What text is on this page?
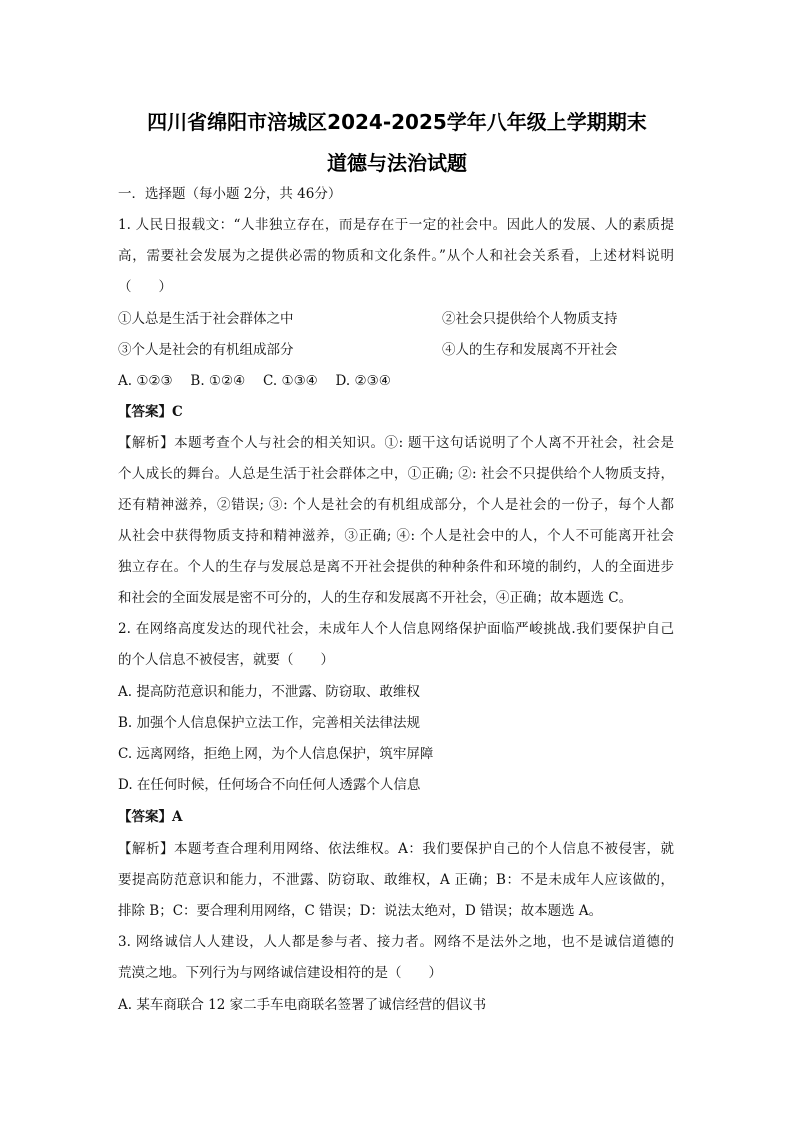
四川省绵阳市涪城区2024-2025学年八年级上学期期末
道德与法治试题
一．选择题（每小题 2分，共 46分）
1. 人民日报载文：“人非独立存在，而是存在于一定的社会中。因此人的发展、人的素质提
高，需要社会发展为之提供必需的物质和文化条件。”从个人和社会关系看，上述材料说明
（　　）
①人总是生活于社会群体之中	②社会只提供给个人物质支持
③个人是社会的有机组成部分	④人的生存和发展离不开社会
A. ①②③　 B. ①②④　 C. ①③④　 D. ②③④
【答案】C
【解析】本题考查个人与社会的相关知识。①: 题干这句话说明了个人离不开社会，社会是
个人成长的舞台。人总是生活于社会群体之中，①正确; ②: 社会不只提供给个人物质支持，
还有精神滋养，②错误; ③: 个人是社会的有机组成部分，个人是社会的一份子，每个人都
从社会中获得物质支持和精神滋养，③正确; ④: 个人是社会中的人，个人不可能离开社会
独立存在。个人的生存与发展总是离不开社会提供的种种条件和环境的制约，人的全面进步
和社会的全面发展是密不可分的，人的生存和发展离不开社会，④正确；故本题选 C。
2. 在网络高度发达的现代社会，未成年人个人信息网络保护面临严峻挑战.我们要保护自己
的个人信息不被侵害，就要（　　）
A. 提高防范意识和能力，不泄露、防窃取、敢维权
B. 加强个人信息保护立法工作，完善相关法律法规
C. 远离网络，拒绝上网，为个人信息保护，筑牢屏障
D. 在任何时候，任何场合不向任何人透露个人信息
【答案】A
【解析】本题考查合理利用网络、依法维权。A：我们要保护自己的个人信息不被侵害，就
要提高防范意识和能力，不泄露、防窃取、敢维权，A 正确；B：不是未成年人应该做的，
排除 B；C：要合理利用网络，C 错误；D：说法太绝对，D 错误；故本题选 A。
3. 网络诚信人人建设，人人都是参与者、接力者。网络不是法外之地，也不是诚信道德的
荒漠之地。下列行为与网络诚信建设相符的是（　　）
A. 某车商联合 12 家二手车电商联名签署了诚信经营的倡议书
